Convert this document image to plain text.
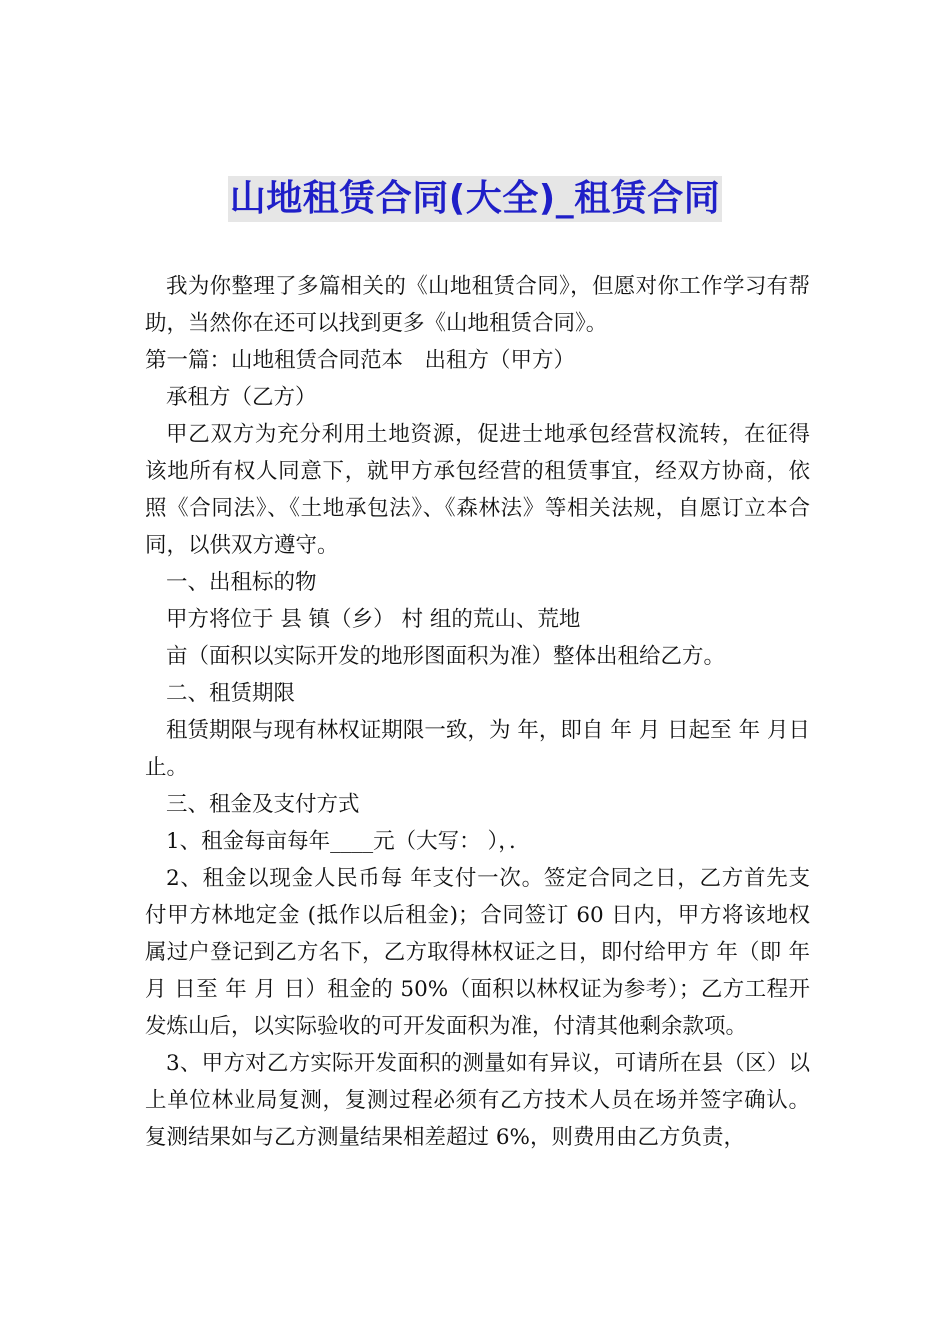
山地租赁合同(大全)_租赁合同

我为你整理了多篇相关的《山地租赁合同》，但愿对你工作学习有帮助，当然你在还可以找到更多《山地租赁合同》。

第一篇：山地租赁合同范本　出租方（甲方）

承租方（乙方）

甲乙双方为充分利用土地资源，促进士地承包经营权流转，在征得该地所有权人同意下，就甲方承包经营的租赁事宜，经双方协商，依照《合同法》、《土地承包法》、《森林法》等相关法规，自愿订立本合同，以供双方遵守。

一、出租标的物

甲方将位于 县 镇（乡） 村 组的荒山、荒地

亩（面积以实际开发的地形图面积为准）整体出租给乙方。

二、租赁期限

租赁期限与现有林权证期限一致，为 年，即自 年 月 日起至 年 月日止。

三、租金及支付方式

1、租金每亩每年____元（大写： ），．

2、租金以现金人民币每 年支付一次。签定合同之日，乙方首先支付甲方林地定金 (抵作以后租金)；合同签订 60 日内，甲方将该地权属过户登记到乙方名下，乙方取得林权证之日，即付给甲方 年（即 年 月 日至 年 月 日）租金的 50%（面积以林权证为参考）；乙方工程开发炼山后，以实际验收的可开发面积为准，付清其他剩余款项。

3、甲方对乙方实际开发面积的测量如有异议，可请所在县（区）以上单位林业局复测，复测过程必须有乙方技术人员在场并签字确认。复测结果如与乙方测量结果相差超过 6%，则费用由乙方负责，
